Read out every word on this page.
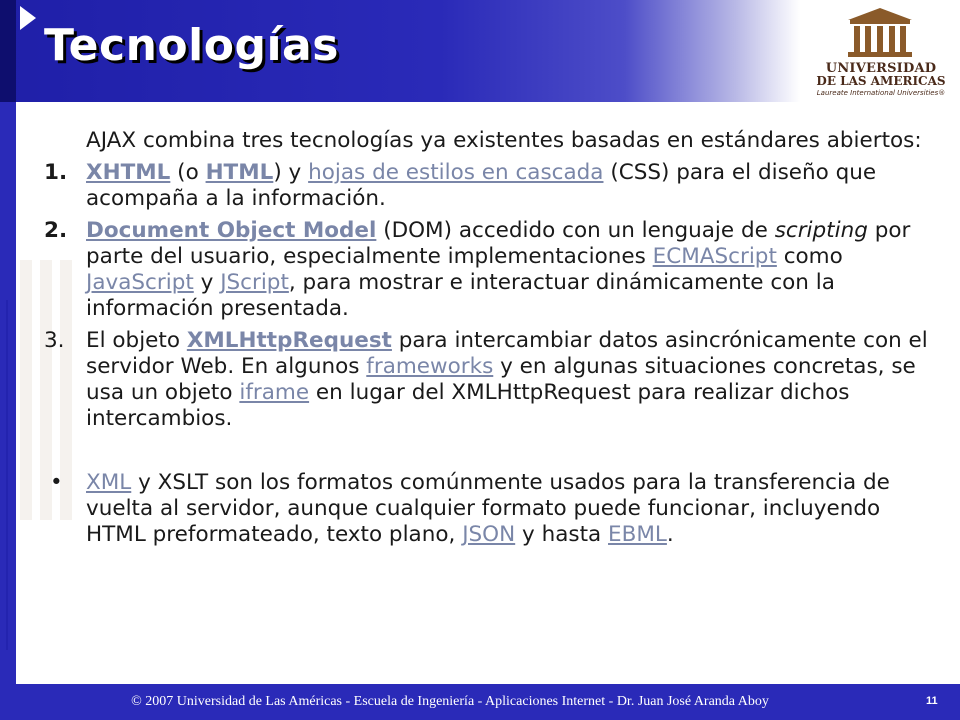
Tecnologías	UNIVERSIDAD
DE LAS AMERICAS
Laureate International Universities®

AJAX combina tres tecnologías ya existentes basadas en estándares abiertos:

1. XHTML (o HTML) y hojas de estilos en cascada (CSS) para el diseño que acompaña a la información.
2. Document Object Model (DOM) accedido con un lenguaje de scripting por parte del usuario, especialmente implementaciones ECMAScript como JavaScript y JScript, para mostrar e interactuar dinámicamente con la información presentada.
3. El objeto XMLHttpRequest para intercambiar datos asincrónicamente con el servidor Web. En algunos frameworks y en algunas situaciones concretas, se usa un objeto iframe en lugar del XMLHttpRequest para realizar dichos intercambios.
• XML y XSLT son los formatos comúnmente usados para la transferencia de vuelta al servidor, aunque cualquier formato puede funcionar, incluyendo HTML preformateado, texto plano, JSON y hasta EBML.
© 2007 Universidad de Las Américas - Escuela de Ingeniería - Aplicaciones Internet - Dr. Juan José Aranda Aboy	11
